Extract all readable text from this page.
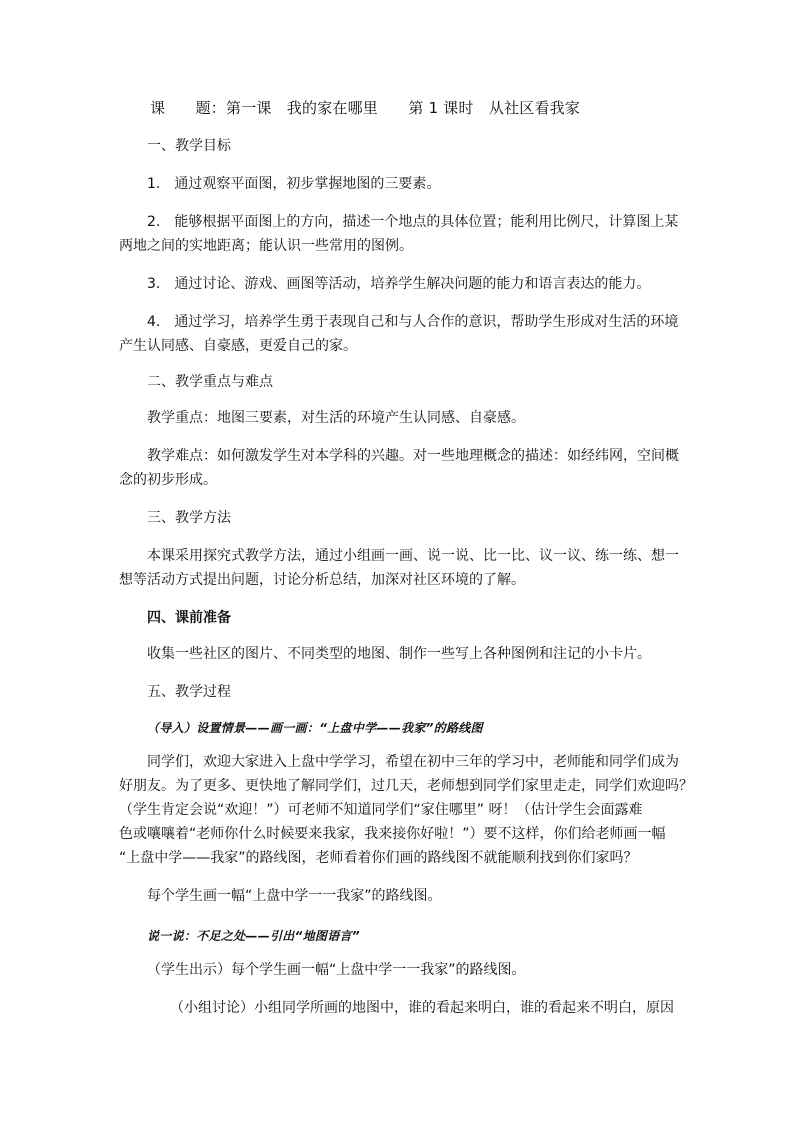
课　　题：第一课　我的家在哪里　　第 1 课时　从社区看我家
一、教学目标
1.　通过观察平面图，初步掌握地图的三要素。
2.　能够根据平面图上的方向，描述一个地点的具体位置；能利用比例尺，计算图上某
两地之间的实地距离；能认识一些常用的图例。
3.　通过讨论、游戏、画图等活动，培养学生解决问题的能力和语言表达的能力。
4.　通过学习，培养学生勇于表现自己和与人合作的意识，帮助学生形成对生活的环境
产生认同感、自豪感，更爱自己的家。
二、教学重点与难点
教学重点：地图三要素，对生活的环境产生认同感、自豪感。
教学难点：如何激发学生对本学科的兴趣。对一些地理概念的描述：如经纬网，空间概
念的初步形成。
三、教学方法
本课采用探究式教学方法，通过小组画一画、说一说、比一比、议一议、练一练、想一
想等活动方式提出问题，讨论分析总结，加深对社区环境的了解。
四、课前准备
收集一些社区的图片、不同类型的地图、制作一些写上各种图例和注记的小卡片。
五、教学过程
（导入）设置情景——画一画：“上盘中学——我家”的路线图
同学们，欢迎大家进入上盘中学学习，希望在初中三年的学习中，老师能和同学们成为
好朋友。为了更多、更快地了解同学们，过几天，老师想到同学们家里走走，同学们欢迎吗？
（学生肯定会说“欢迎！”）可老师不知道同学们“家住哪里” 呀！（估计学生会面露难
色或嚷嚷着“老师你什么时候要来我家，我来接你好啦！”）要不这样，你们给老师画一幅
“上盘中学——我家”的路线图，老师看着你们画的路线图不就能顺利找到你们家吗？
每个学生画一幅“上盘中学一一我家”的路线图。
说一说：不足之处——引出“地图语言”
（学生出示）每个学生画一幅“上盘中学一一我家”的路线图。
（小组讨论）小组同学所画的地图中，谁的看起来明白，谁的看起来不明白，原因
